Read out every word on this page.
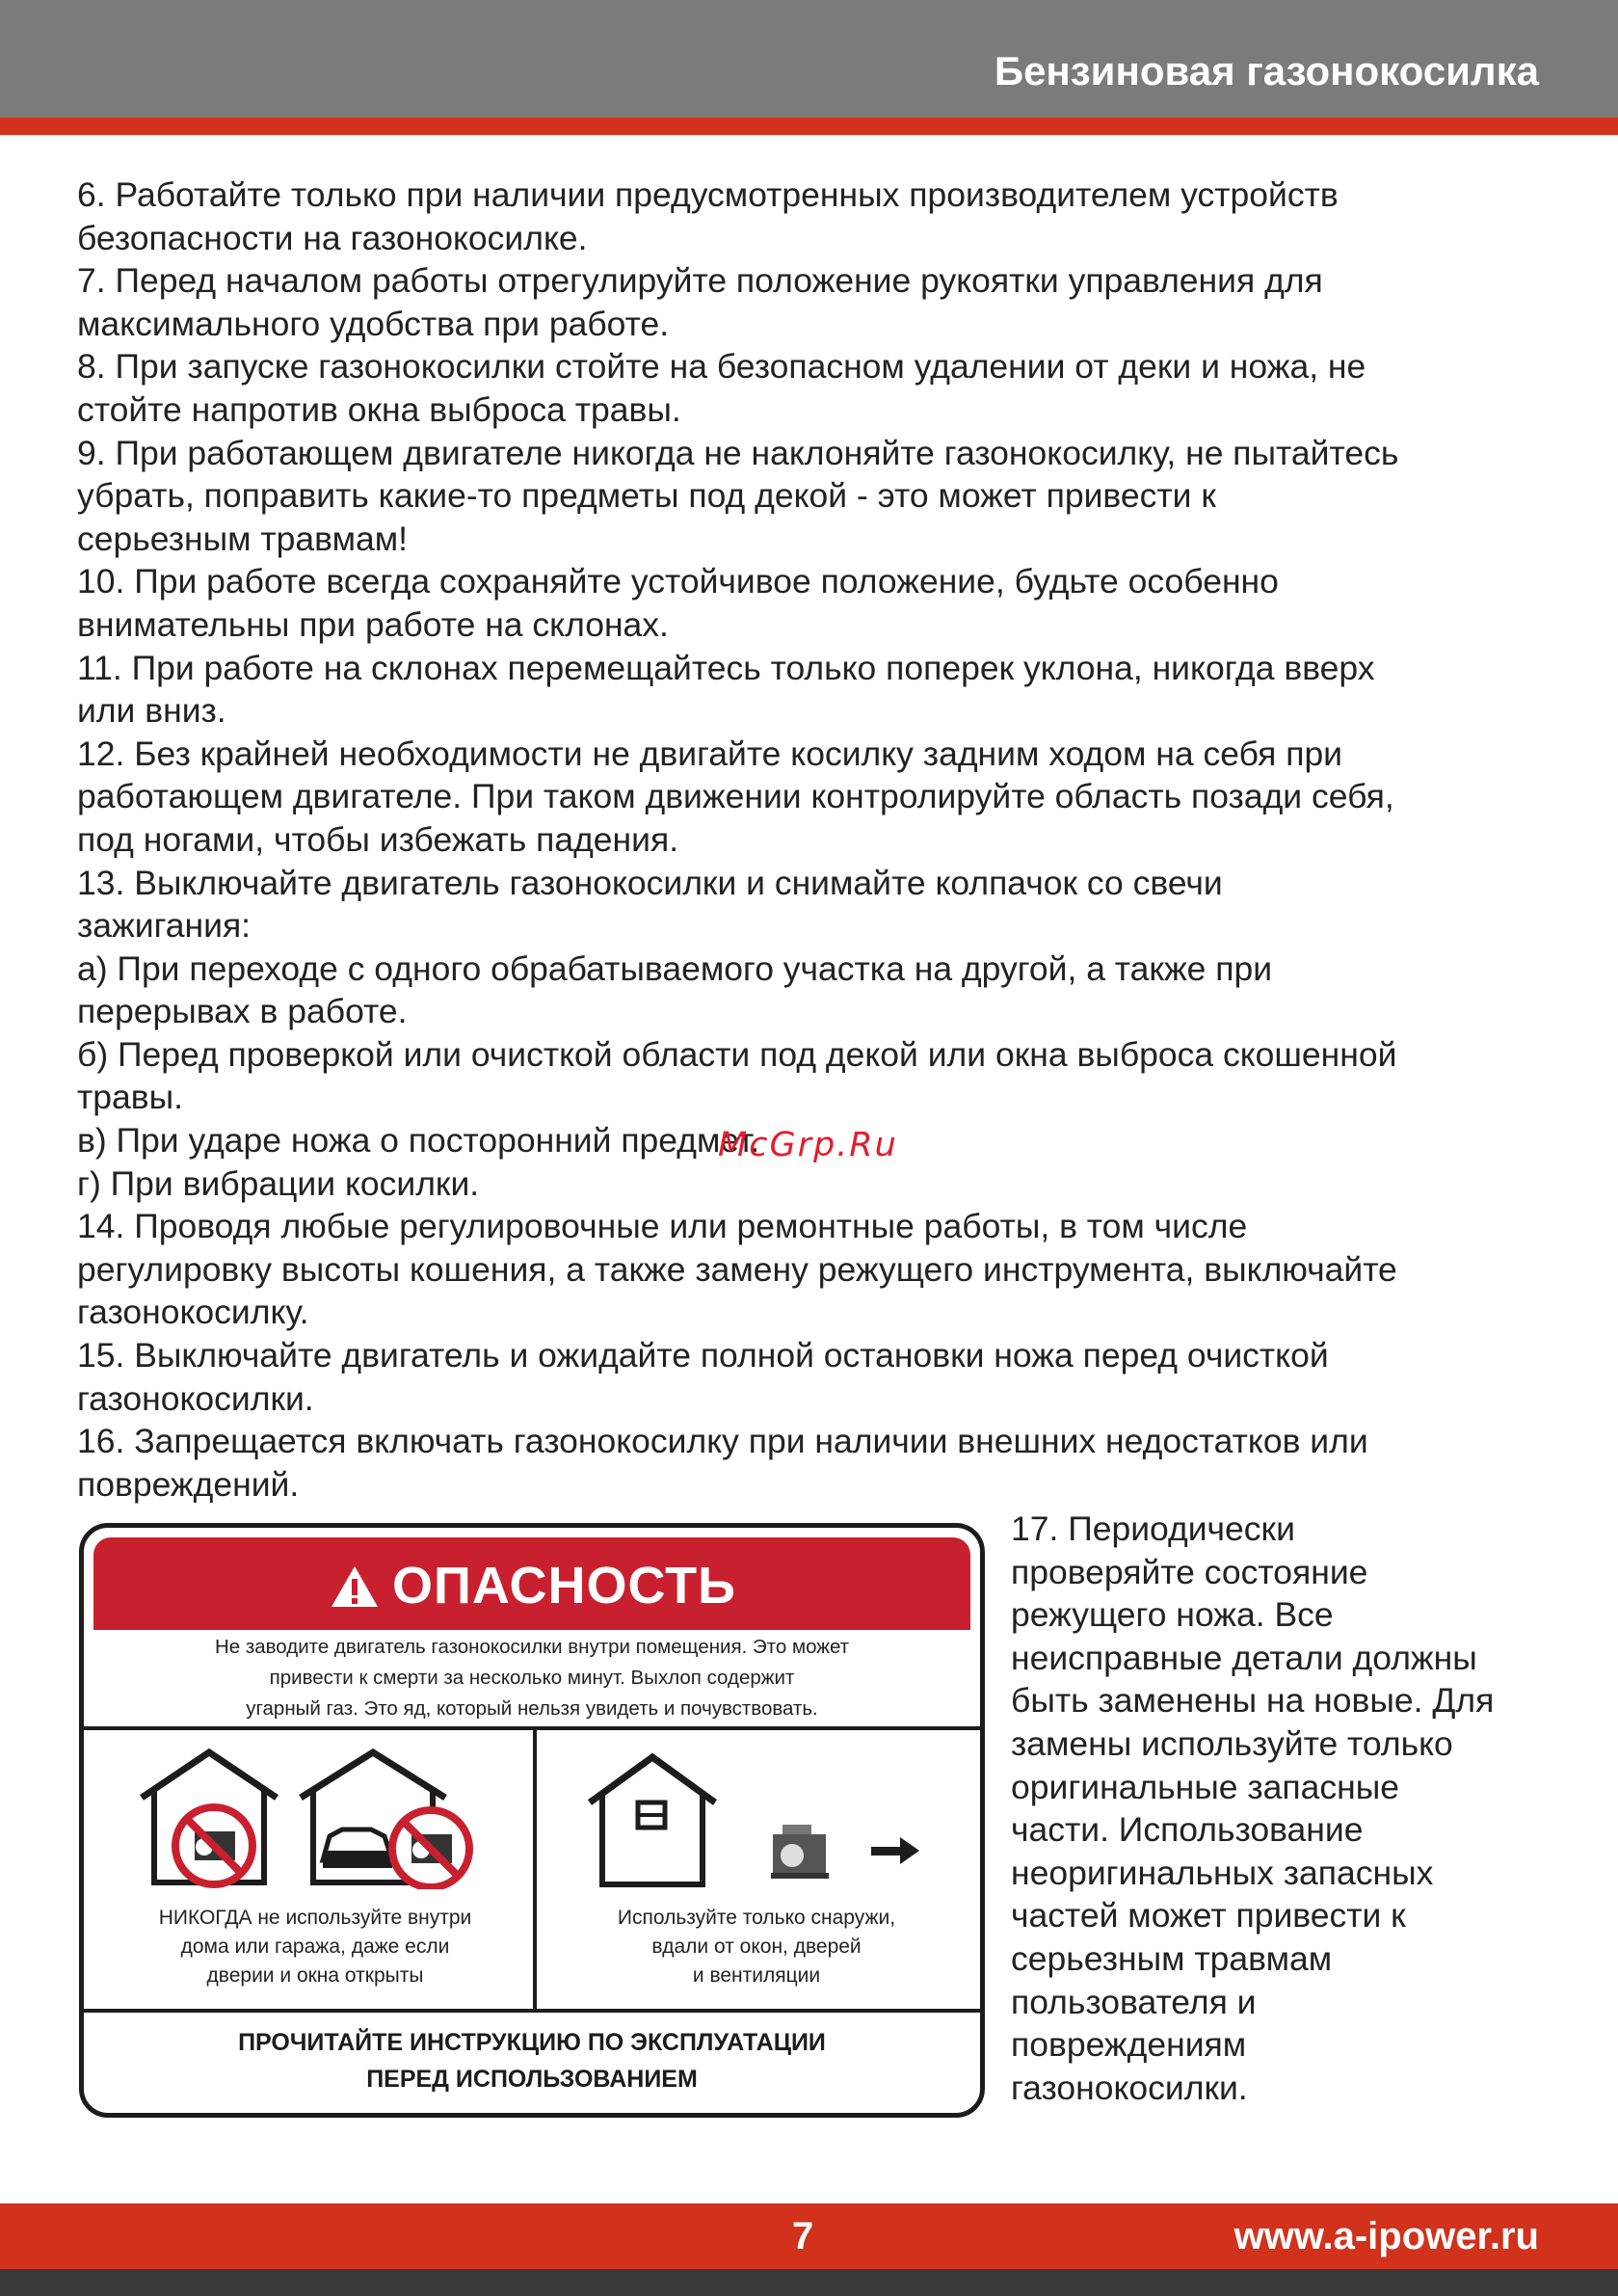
Бензиновая газонокосилка
6. Работайте только при наличии предусмотренных производителем устройств
безопасности на газонокосилке.
7. Перед началом работы отрегулируйте положение рукоятки управления для
максимального удобства при работе.
8. При запуске газонокосилки стойте на безопасном удалении от деки и ножа, не
стойте напротив окна выброса травы.
9. При работающем двигателе никогда не наклоняйте газонокосилку, не пытайтесь
убрать, поправить какие-то предметы под декой - это может привести к
серьезным травмам!
10. При работе всегда сохраняйте устойчивое положение, будьте особенно
внимательны при работе на склонах.
11. При работе на склонах перемещайтесь только поперек уклона, никогда вверх
или вниз.
12. Без крайней необходимости не двигайте косилку задним ходом на себя при
работающем двигателе. При таком движении контролируйте область позади себя,
под ногами, чтобы избежать падения.
13. Выключайте двигатель газонокосилки и снимайте колпачок со свечи
зажигания:
а) При переходе с одного обрабатываемого участка на другой, а также при
перерывах в работе.
б) Перед проверкой или очисткой области под декой или окна выброса скошенной
травы.
в) При ударе ножа о посторонний предмет.
г) При вибрации косилки.
14. Проводя любые регулировочные или ремонтные работы, в том числе
регулировку высоты кошения, а также замену режущего инструмента, выключайте
газонокосилку.
15. Выключайте двигатель и ожидайте полной остановки ножа перед очисткой
газонокосилки.
16. Запрещается включать газонокосилку при наличии внешних недостатков или
повреждений.
McGrp.Ru
ОПАСНОСТЬ
Не заводите двигатель газонокосилки внутри помещения. Это может
привести к смерти за несколько минут. Выхлоп содержит
угарный газ. Это яд, который нельзя увидеть и почувствовать.
НИКОГДА не используйте внутри
дома или гаража, даже если
дверии и окна открыты
Используйте только снаружи,
вдали от окон, дверей
и вентиляции
ПРОЧИТАЙТЕ ИНСТРУКЦИЮ ПО ЭКСПЛУАТАЦИИ
ПЕРЕД ИСПОЛЬЗОВАНИЕМ
17. Периодически
проверяйте состояние
режущего ножа. Все
неисправные детали должны
быть заменены на новые. Для
замены используйте только
оригинальные запасные
части. Использование
неоригинальных запасных
частей может привести к
серьезным травмам
пользователя и
повреждениям
газонокосилки.
7	www.a-ipower.ru
